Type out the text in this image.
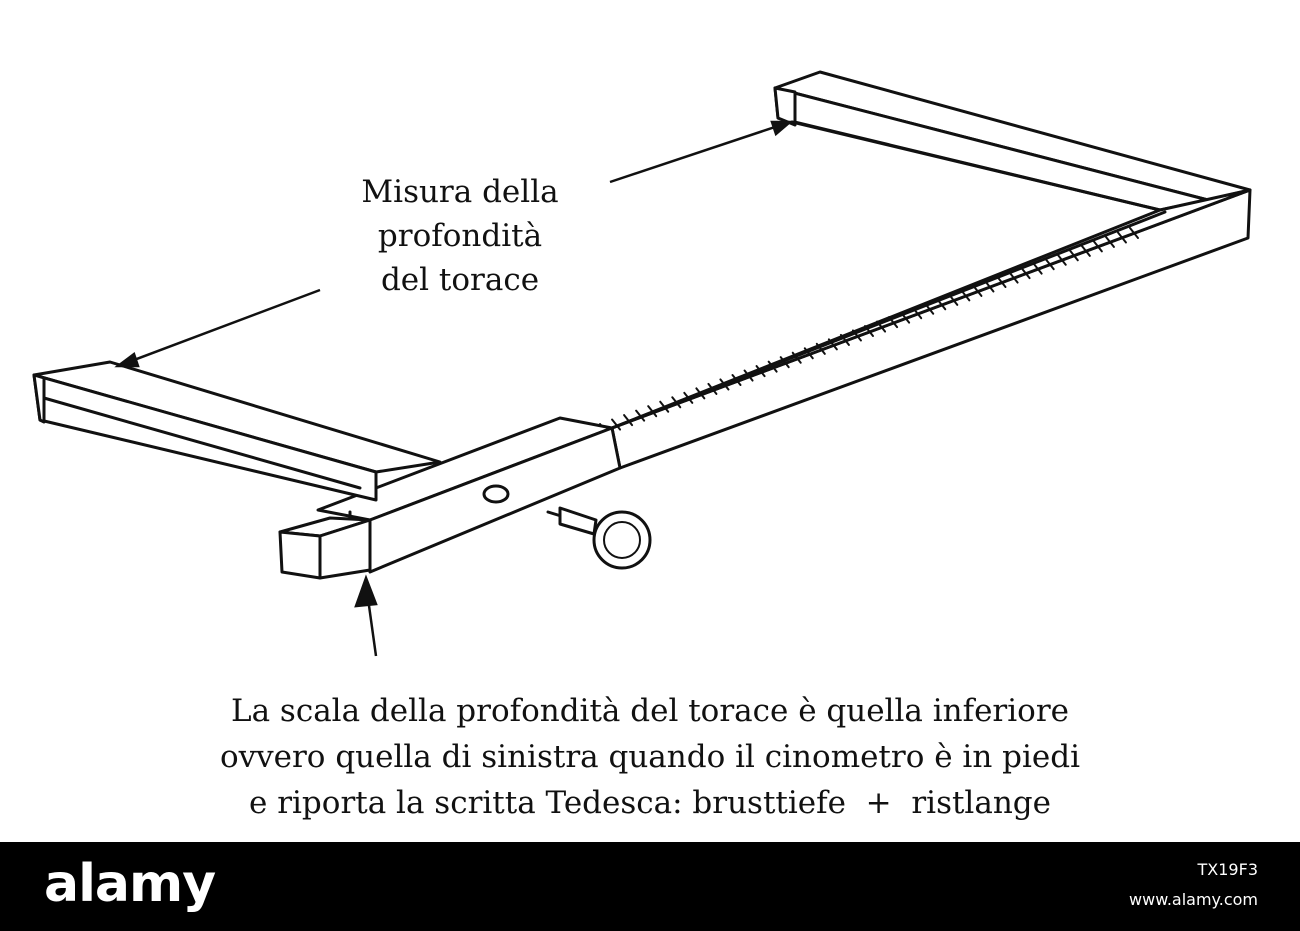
Misura della
profondità
del torace
La scala della profondità del torace è quella inferiore
ovvero quella di sinistra quando il cinometro è in piedi
e riporta la scritta Tedesca: brusttiefe  +  ristlange
alamy	TX19F3
www.alamy.com
